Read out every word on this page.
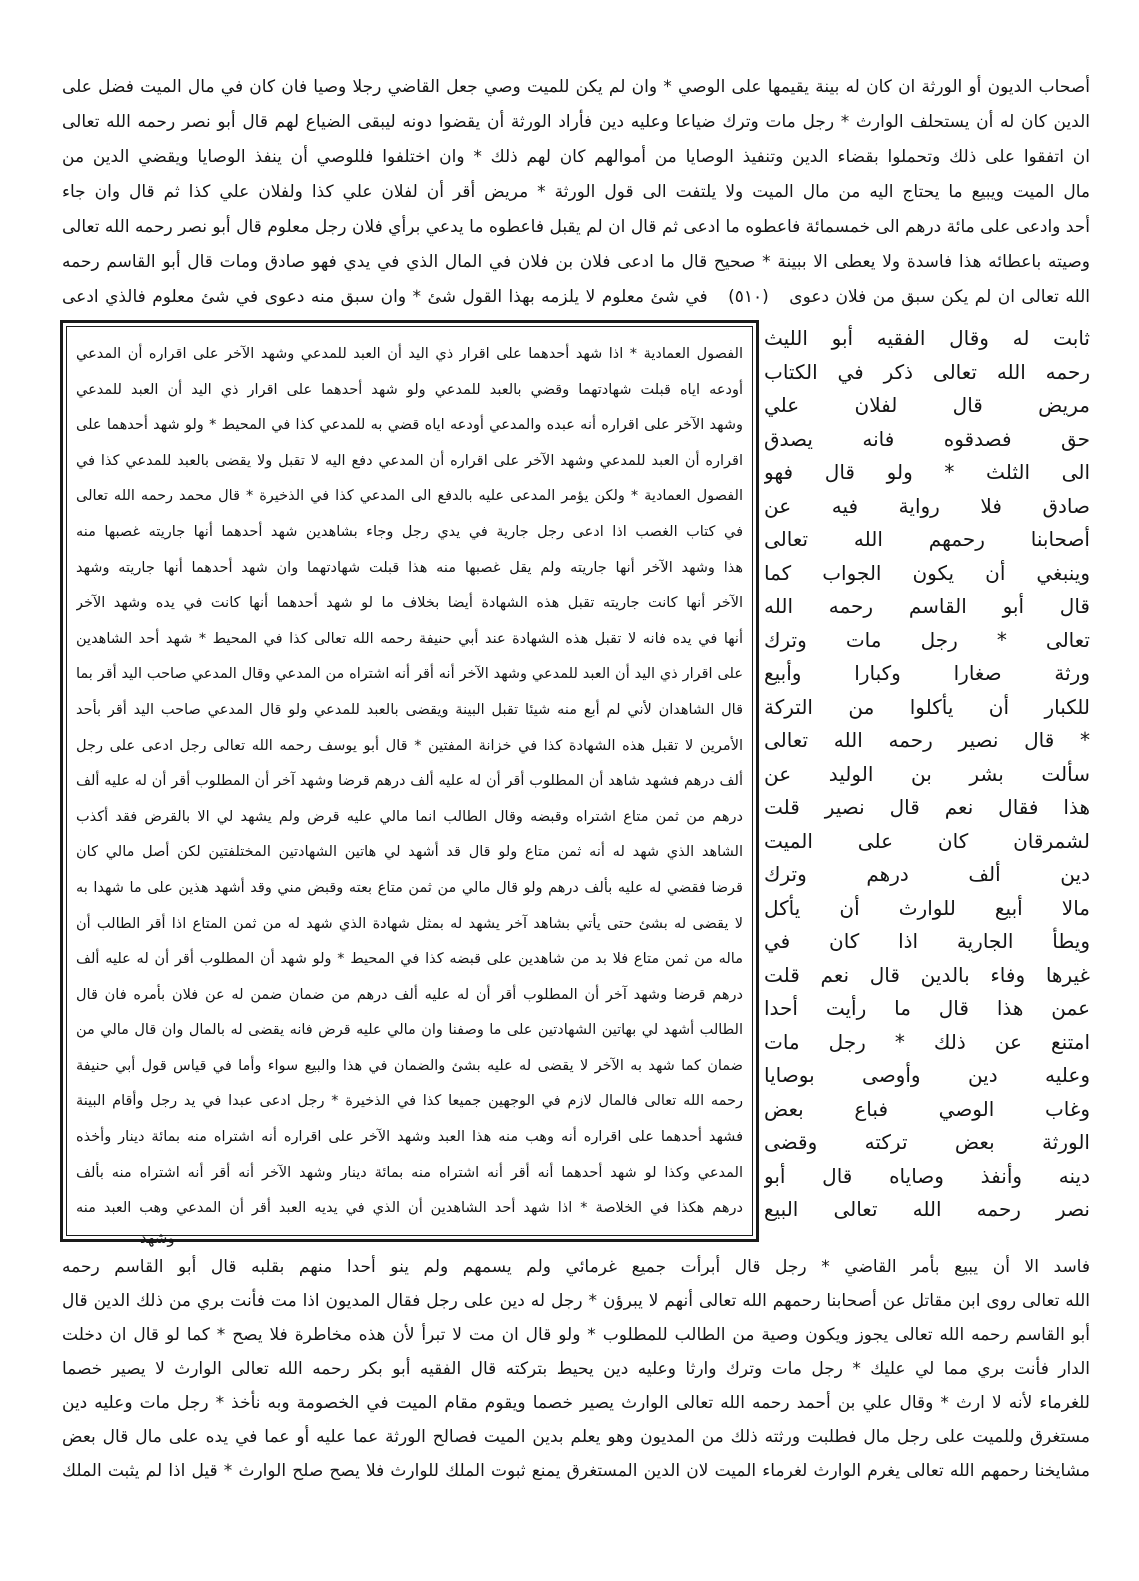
أصحاب الديون أو الورثة ان كان له بينة يقيمها على الوصي * وان لم يكن للميت وصي جعل القاضي رجلا وصيا فان كان في مال الميت فضل على
الدين كان له أن يستحلف الوارث * رجل مات وترك ضياعا وعليه دين فأراد الورثة أن يقضوا دونه ليبقى الضياع لهم قال أبو نصر رحمه الله تعالى
ان اتفقوا على ذلك وتحملوا بقضاء الدين وتنفيذ الوصايا من أموالهم كان لهم ذلك * وان اختلفوا فللوصي أن ينفذ الوصايا ويقضي الدين من
مال الميت ويبيع ما يحتاج اليه من مال الميت ولا يلتفت الى قول الورثة * مريض أقر أن لفلان علي كذا ولفلان علي كذا ثم قال وان جاء
أحد وادعى على مائة درهم الى خمسمائة فاعطوه ما ادعى ثم قال ان لم يقبل فاعطوه ما يدعي برأي فلان رجل معلوم قال أبو نصر رحمه الله تعالى
وصيته باعطائه هذا فاسدة ولا يعطى الا ببينة * صحيح قال ما ادعى فلان بن فلان في المال الذي في يدي فهو صادق ومات قال أبو القاسم رحمه
الله تعالى ان لم يكن سبق من فلان دعوى (٥١٠) في شئ معلوم لا يلزمه بهذا القول شئ * وان سبق منه دعوى في شئ معلوم فالذي ادعى
الفصول العمادية * اذا شهد أحدهما على اقرار ذي اليد أن العبد للمدعي وشهد الآخر على اقراره أن المدعي
أودعه اياه قبلت شهادتهما وقضي بالعبد للمدعي ولو شهد أحدهما على اقرار ذي اليد أن العبد للمدعي
وشهد الآخر على اقراره أنه عبده والمدعي أودعه اياه قضي به للمدعي كذا في المحيط * ولو شهد أحدهما على
اقراره أن العبد للمدعي وشهد الآخر على اقراره أن المدعي دفع اليه لا تقبل ولا يقضى بالعبد للمدعي كذا في
الفصول العمادية * ولكن يؤمر المدعى عليه بالدفع الى المدعي كذا في الذخيرة * قال محمد رحمه الله تعالى
في كتاب الغصب اذا ادعى رجل جارية في يدي رجل وجاء بشاهدين شهد أحدهما أنها جاريته غصبها منه
هذا وشهد الآخر أنها جاريته ولم يقل غصبها منه هذا قبلت شهادتهما وان شهد أحدهما أنها جاريته وشهد
الآخر أنها كانت جاريته تقبل هذه الشهادة أيضا بخلاف ما لو شهد أحدهما أنها كانت في يده وشهد الآخر
أنها في يده فانه لا تقبل هذه الشهادة عند أبي حنيفة رحمه الله تعالى كذا في المحيط * شهد أحد الشاهدين
على اقرار ذي اليد أن العبد للمدعي وشهد الآخر أنه أقر أنه اشتراه من المدعي وقال المدعي صاحب اليد أقر بما
قال الشاهدان لأني لم أبع منه شيئا تقبل البينة ويقضى بالعبد للمدعي ولو قال المدعي صاحب اليد أقر بأحد
الأمرين لا تقبل هذه الشهادة كذا في خزانة المفتين * قال أبو يوسف رحمه الله تعالى رجل ادعى على رجل
ألف درهم فشهد شاهد أن المطلوب أقر أن له عليه ألف درهم قرضا وشهد آخر أن المطلوب أقر أن له عليه ألف
درهم من ثمن متاع اشتراه وقبضه وقال الطالب انما مالي عليه قرض ولم يشهد لي الا بالقرض فقد أكذب
الشاهد الذي شهد له أنه ثمن متاع ولو قال قد أشهد لي هاتين الشهادتين المختلفتين لكن أصل مالي كان
قرضا فقضي له عليه بألف درهم ولو قال مالي من ثمن متاع بعته وقبض مني وقد أشهد هذين على ما شهدا به
لا يقضى له بشئ حتى يأتي بشاهد آخر يشهد له بمثل شهادة الذي شهد له من ثمن المتاع اذا أقر الطالب أن
ماله من ثمن متاع فلا بد من شاهدين على قبضه كذا في المحيط * ولو شهد أن المطلوب أقر أن له عليه ألف
درهم قرضا وشهد آخر أن المطلوب أقر أن له عليه ألف درهم من ضمان ضمن له عن فلان بأمره فان قال
الطالب أشهد لي بهاتين الشهادتين على ما وصفنا وان مالي عليه قرض فانه يقضى له بالمال وان قال مالي من
ضمان كما شهد به الآخر لا يقضى له عليه بشئ والضمان في هذا والبيع سواء وأما في قياس قول أبي حنيفة
رحمه الله تعالى فالمال لازم في الوجهين جميعا كذا في الذخيرة * رجل ادعى عبدا في يد رجل وأقام البينة
فشهد أحدهما على اقراره أنه وهب منه هذا العبد وشهد الآخر على اقراره أنه اشتراه منه بمائة دينار وأخذه
المدعي وكذا لو شهد أحدهما أنه أقر أنه اشتراه منه بمائة دينار وشهد الآخر أنه أقر أنه اشتراه منه بألف
درهم هكذا في الخلاصة * اذا شهد أحد الشاهدين أن الذي في يديه العبد أقر أن المدعي وهب العبد منه
ثابت له وقال الفقيه أبو الليث
رحمه الله تعالى ذكر في الكتاب
مريض قال لفلان علي
حق فصدقوه فانه يصدق
الى الثلث * ولو قال فهو
صادق فلا رواية فيه عن
أصحابنا رحمهم الله تعالى
وينبغي أن يكون الجواب كما
قال أبو القاسم رحمه الله
تعالى * رجل مات وترك
ورثة صغارا وكبارا وأبيع
للكبار أن يأكلوا من التركة
* قال نصير رحمه الله تعالى
سألت بشر بن الوليد عن
هذا فقال نعم قال نصير قلت
لشمرقان كان على الميت
دين ألف درهم وترك
مالا أبيع للوارث أن يأكل
ويطأ الجارية اذا كان في
غيرها وفاء بالدين قال نعم قلت
عمن هذا قال ما رأيت أحدا
امتنع عن ذلك * رجل مات
وعليه دين وأوصى بوصايا
وغاب الوصي فباع بعض
الورثة بعض تركته وقضى
دينه وأنفذ وصاياه قال أبو
نصر رحمه الله تعالى البيع
وشهد
فاسد الا أن يبيع بأمر القاضي * رجل قال أبرأت جميع غرمائي ولم يسمهم ولم ينو أحدا منهم بقلبه قال أبو القاسم رحمه
الله تعالى روى ابن مقاتل عن أصحابنا رحمهم الله تعالى أنهم لا يبرؤن * رجل له دين على رجل فقال المديون اذا مت فأنت بري من ذلك الدين قال
أبو القاسم رحمه الله تعالى يجوز ويكون وصية من الطالب للمطلوب * ولو قال ان مت لا تبرأ لأن هذه مخاطرة فلا يصح * كما لو قال ان دخلت
الدار فأنت بري مما لي عليك * رجل مات وترك وارثا وعليه دين يحيط بتركته قال الفقيه أبو بكر رحمه الله تعالى الوارث لا يصير خصما
للغرماء لأنه لا ارث * وقال علي بن أحمد رحمه الله تعالى الوارث يصير خصما ويقوم مقام الميت في الخصومة وبه نأخذ * رجل مات وعليه دين
مستغرق وللميت على رجل مال فطلبت ورثته ذلك من المديون وهو يعلم بدين الميت فصالح الورثة عما عليه أو عما في يده على مال قال بعض
مشايخنا رحمهم الله تعالى يغرم الوارث لغرماء الميت لان الدين المستغرق يمنع ثبوت الملك للوارث فلا يصح صلح الوارث * قيل اذا لم يثبت الملك
